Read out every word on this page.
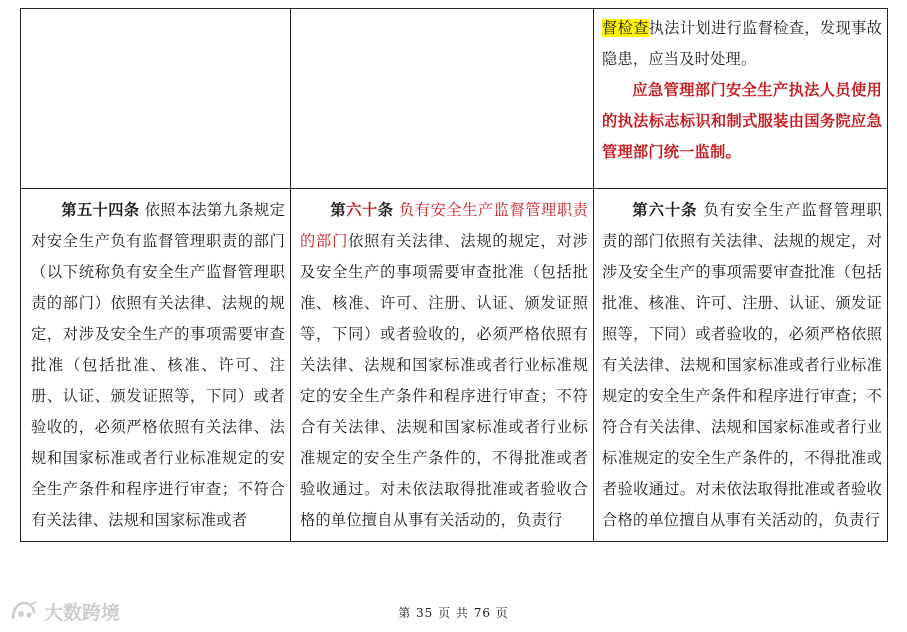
督检查执法计划进行监督检查，发现事故隐患，应当及时处理。

应急管理部门安全生产执法人员使用的执法标志标识和制式服装由国务院应急管理部门统一监制。

第五十四条 依照本法第九条规定对安全生产负有监督管理职责的部门（以下统称负有安全生产监督管理职责的部门）依照有关法律、法规的规定，对涉及安全生产的事项需要审查批准（包括批准、核准、许可、注册、认证、颁发证照等，下同）或者验收的，必须严格依照有关法律、法规和国家标准或者行业标准规定的安全生产条件和程序进行审查；不符合有关法律、法规和国家标准或者

第六十条 负有安全生产监督管理职责的部门依照有关法律、法规的规定，对涉及安全生产的事项需要审查批准（包括批准、核准、许可、注册、认证、颁发证照等，下同）或者验收的，必须严格依照有关法律、法规和国家标准或者行业标准规定的安全生产条件和程序进行审查；不符合有关法律、法规和国家标准或者行业标准规定的安全生产条件的，不得批准或者验收通过。对未依法取得批准或者验收合格的单位擅自从事有关活动的，负责行

第六十条 负有安全生产监督管理职责的部门依照有关法律、法规的规定，对涉及安全生产的事项需要审查批准（包括批准、核准、许可、注册、认证、颁发证照等，下同）或者验收的，必须严格依照有关法律、法规和国家标准或者行业标准规定的安全生产条件和程序进行审查；不符合有关法律、法规和国家标准或者行业标准规定的安全生产条件的，不得批准或者验收通过。对未依法取得批准或者验收合格的单位擅自从事有关活动的，负责行

大数跨境	第 35 页 共 76 页
